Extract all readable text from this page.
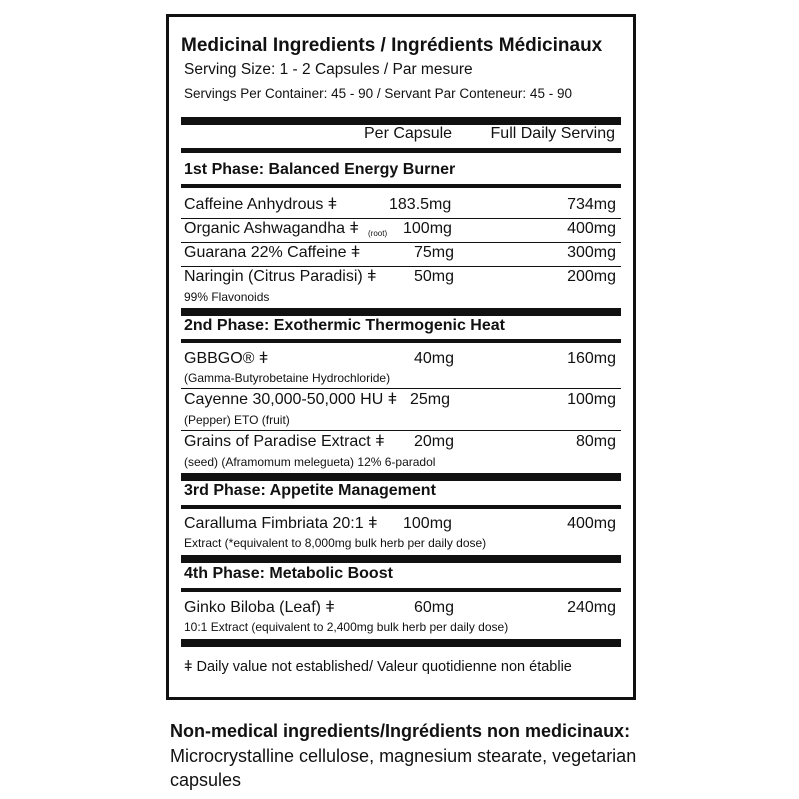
Medicinal Ingredients / Ingrédients Médicinaux
Serving Size: 1 - 2 Capsules / Par mesure
Servings Per Container: 45 - 90 / Servant Par Conteneur: 45 - 90
Per Capsule Full Daily Serving
1st Phase: Balanced Energy Burner
Caffeine Anhydrous ǂ	183.5mg	734mg
Organic Ashwagandha ǂ (root) 100mg	400mg
Guarana 22% Caffeine ǂ	75mg	300mg
Naringin (Citrus Paradisi) ǂ 50mg	200mg
99% Flavonoids
2nd Phase: Exothermic Thermogenic Heat
GBBGO® ǂ	40mg	160mg
(Gamma-Butyrobetaine Hydrochloride)
Cayenne 30,000-50,000 HU ǂ 25mg	100mg
(Pepper) ETO (fruit)
Grains of Paradise Extract ǂ 20mg	80mg
(seed) (Aframomum melegueta) 12% 6-paradol
3rd Phase: Appetite Management
Caralluma Fimbriata 20:1 ǂ 100mg	400mg
Extract (*equivalent to 8,000mg bulk herb per daily dose)
4th Phase: Metabolic Boost
Ginko Biloba (Leaf) ǂ	60mg	240mg
10:1 Extract (equivalent to 2,400mg bulk herb per daily dose)
ǂ Daily value not established/ Valeur quotidienne non établie
Non-medical ingredients/Ingrédients non medicinaux:
Microcrystalline cellulose, magnesium stearate, vegetarian capsules
